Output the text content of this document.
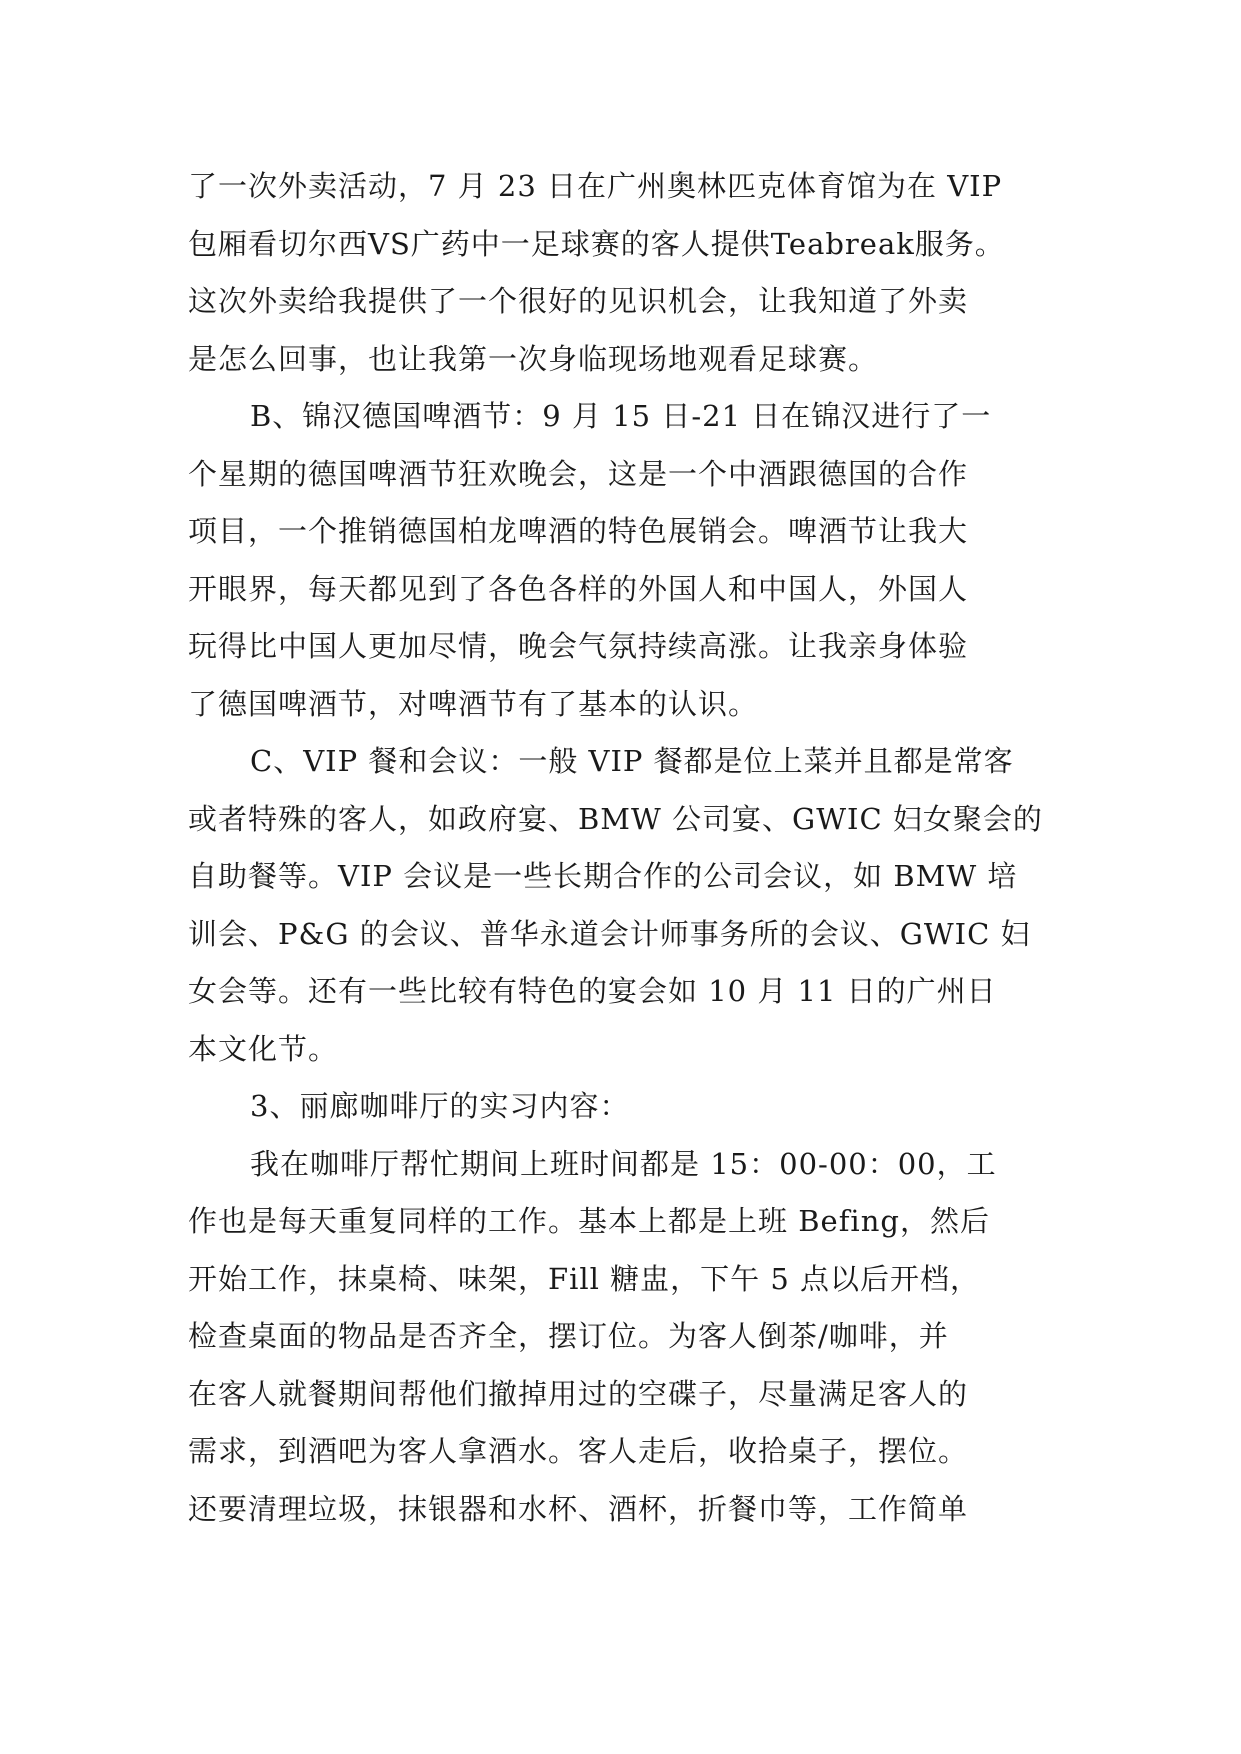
了一次外卖活动，7 月 23 日在广州奥林匹克体育馆为在 VIP
包厢看切尔西VS广药中一足球赛的客人提供Teabreak服务。
这次外卖给我提供了一个很好的见识机会，让我知道了外卖
是怎么回事，也让我第一次身临现场地观看足球赛。
B、锦汉德国啤酒节：9 月 15 日-21 日在锦汉进行了一
个星期的德国啤酒节狂欢晚会，这是一个中酒跟德国的合作
项目，一个推销德国柏龙啤酒的特色展销会。啤酒节让我大
开眼界，每天都见到了各色各样的外国人和中国人，外国人
玩得比中国人更加尽情，晚会气氛持续高涨。让我亲身体验
了德国啤酒节，对啤酒节有了基本的认识。
C、VIP 餐和会议：一般 VIP 餐都是位上菜并且都是常客
或者特殊的客人，如政府宴、BMW 公司宴、GWIC 妇女聚会的
自助餐等。VIP 会议是一些长期合作的公司会议，如 BMW 培
训会、P&G 的会议、普华永道会计师事务所的会议、GWIC 妇
女会等。还有一些比较有特色的宴会如 10 月 11 日的广州日
本文化节。
3、丽廊咖啡厅的实习内容：
我在咖啡厅帮忙期间上班时间都是 15：00-00：00，工
作也是每天重复同样的工作。基本上都是上班 Befing，然后
开始工作，抹桌椅、味架，Fill 糖盅，下午 5 点以后开档，
检查桌面的物品是否齐全，摆订位。为客人倒茶/咖啡，并
在客人就餐期间帮他们撤掉用过的空碟子，尽量满足客人的
需求，到酒吧为客人拿酒水。客人走后，收拾桌子，摆位。
还要清理垃圾，抹银器和水杯、酒杯，折餐巾等，工作简单
